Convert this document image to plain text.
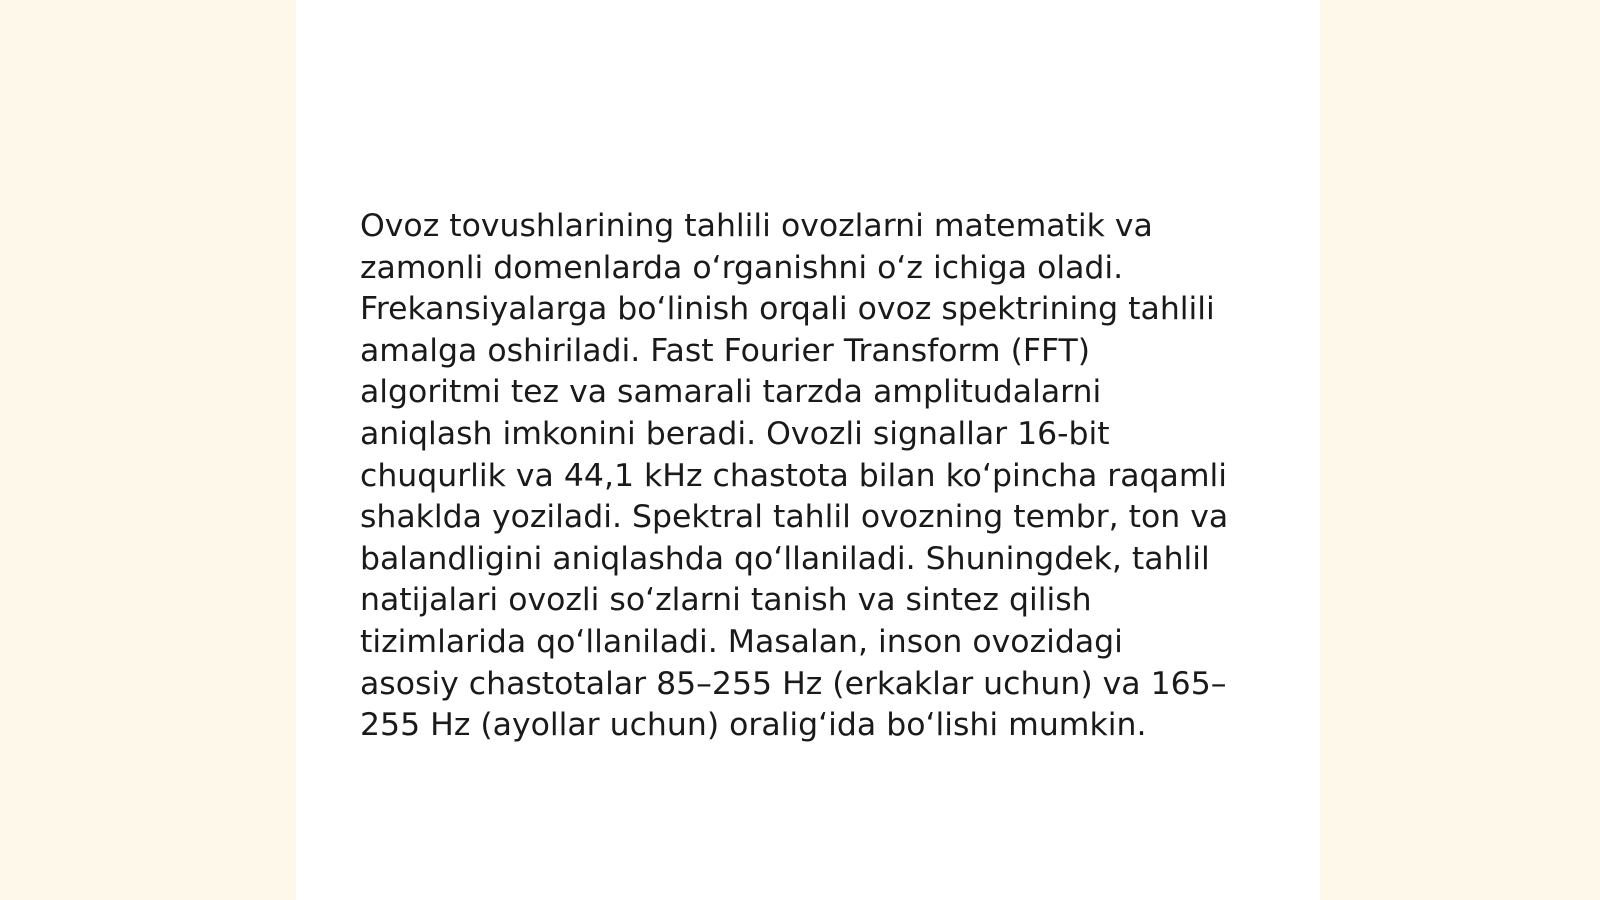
Ovoz tovushlarining tahlili ovozlarni matematik va
zamonli domenlarda o‘rganishni o‘z ichiga oladi.
Frekansiyalarga bo‘linish orqali ovoz spektrining tahlili
amalga oshiriladi. Fast Fourier Transform (FFT)
algoritmi tez va samarali tarzda amplitudalarni
aniqlash imkonini beradi. Ovozli signallar 16-bit
chuqurlik va 44,1 kHz chastota bilan ko‘pincha raqamli
shaklda yoziladi. Spektral tahlil ovozning tembr, ton va
balandligini aniqlashda qo‘llaniladi. Shuningdek, tahlil
natijalari ovozli so‘zlarni tanish va sintez qilish
tizimlarida qo‘llaniladi. Masalan, inson ovozidagi
asosiy chastotalar 85–255 Hz (erkaklar uchun) va 165–
255 Hz (ayollar uchun) oralig‘ida bo‘lishi mumkin.
